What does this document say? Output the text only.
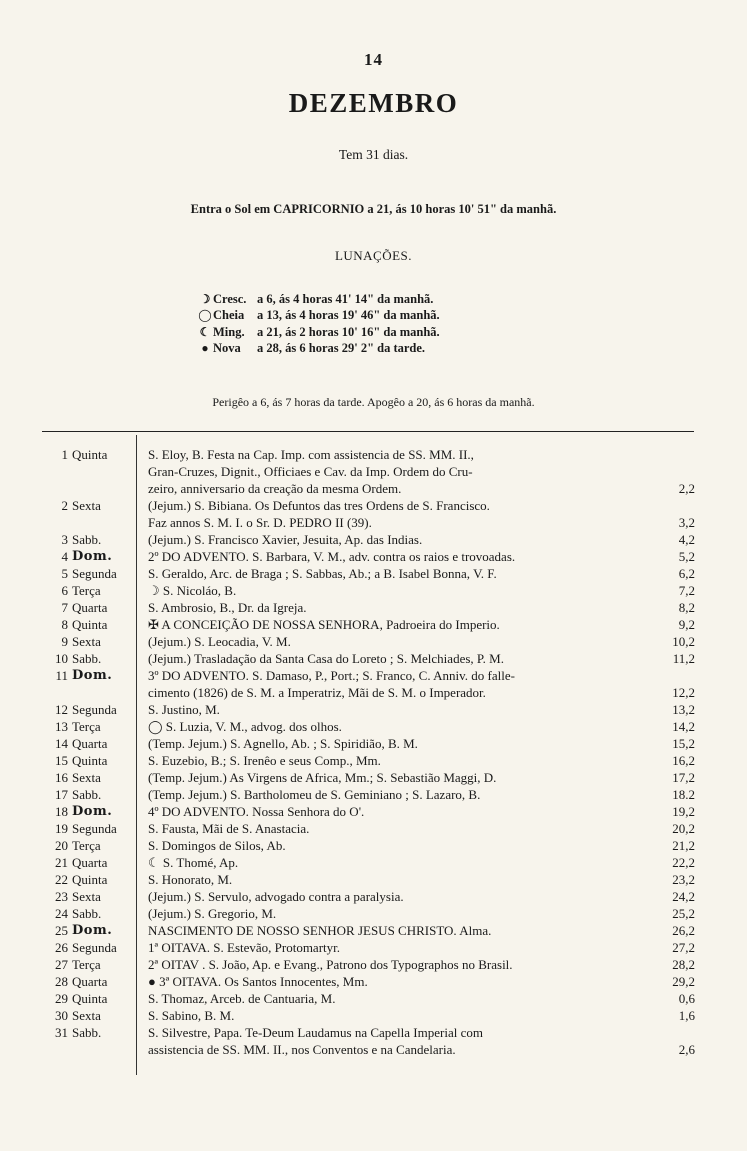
14
DEZEMBRO
Tem 31 dias.
Entra o Sol em CAPRICORNIO a 21, ás 10 horas 10' 51" da manhã.
LUNAÇÕES.
☽ Cresc. a 6, ás 4 horas 41' 14" da manhã.
◯ Cheia	a 13, ás 4 horas 19' 46" da manhã.
☾ Ming. a 21, ás 2 horas 10' 16" da manhã.
● Nova	a 28, ás 6 horas 29' 2" da tarde.
Perigêo a 6, ás 7 horas da tarde. Apogêo a 20, ás 6 horas da manhã.
1 Quinta	S. Eloy, B. Festa na Cap. Imp. com assistencia de SS. MM. II.,
Gran-Cruzes, Dignit., Officiaes e Cav. da Imp. Ordem do Cru-
zeiro, anniversario da creação da mesma Ordem.	2,2
2 Sexta	(Jejum.) S. Bibiana. Os Defuntos das tres Ordens de S. Francisco.
Faz annos S. M. I. o Sr. D. PEDRO II (39).	3,2
3 Sabb.	(Jejum.) S. Francisco Xavier, Jesuita, Ap. das Indias.	4,2
4 Dom.	2º DO ADVENTO. S. Barbara, V. M., adv. contra os raios e trovoadas.	5,2
5 Segunda	S. Geraldo, Arc. de Braga ; S. Sabbas, Ab.; a B. Isabel Bonna, V. F.	6,2
6 Terça	☽ S. Nicoláo, B.	7,2
7 Quarta	S. Ambrosio, B., Dr. da Igreja.	8,2
8 Quinta	✠ A CONCEIÇÃO DE NOSSA SENHORA, Padroeira do Imperio.	9,2
9 Sexta	(Jejum.) S. Leocadia, V. M.	10,2
10 Sabb.	(Jejum.) Trasladação da Santa Casa do Loreto ; S. Melchiades, P. M.	11,2
11 Dom.	3º DO ADVENTO. S. Damaso, P., Port.; S. Franco, C. Anniv. do falle-
cimento (1826) de S. M. a Imperatriz, Mãi de S. M. o Imperador.	12,2
12 Segunda	S. Justino, M.	13,2
13 Terça	◯ S. Luzia, V. M., advog. dos olhos.	14,2
14 Quarta	(Temp. Jejum.) S. Agnello, Ab. ; S. Spiridião, B. M.	15,2
15 Quinta	S. Euzebio, B.; S. Irenêo e seus Comp., Mm.	16,2
16 Sexta	(Temp. Jejum.) As Virgens de Africa, Mm.; S. Sebastião Maggi, D.	17,2
17 Sabb.	(Temp. Jejum.) S. Bartholomeu de S. Geminiano ; S. Lazaro, B.	18.2
18 Dom.	4º DO ADVENTO. Nossa Senhora do O'.	19,2
19 Segunda	S. Fausta, Mãi de S. Anastacia.	20,2
20 Terça	S. Domingos de Silos, Ab.	21,2
21 Quarta	☾ S. Thomé, Ap.	22,2
22 Quinta	S. Honorato, M.	23,2
23 Sexta	(Jejum.) S. Servulo, advogado contra a paralysia.	24,2
24 Sabb.	(Jejum.) S. Gregorio, M.	25,2
25 Dom.	NASCIMENTO DE NOSSO SENHOR JESUS CHRISTO. Alma.	26,2
26 Segunda	1ª OITAVA. S. Estevão, Protomartyr.	27,2
27 Terça	2ª OITAV . S. João, Ap. e Evang., Patrono dos Typographos no Brasil.	28,2
28 Quarta	● 3ª OITAVA. Os Santos Innocentes, Mm.	29,2
29 Quinta	S. Thomaz, Arceb. de Cantuaria, M.	0,6
30 Sexta	S. Sabino, B. M.	1,6
31 Sabb.	S. Silvestre, Papa. Te-Deum Laudamus na Capella Imperial com
assistencia de SS. MM. II., nos Conventos e na Candelaria.	2,6
